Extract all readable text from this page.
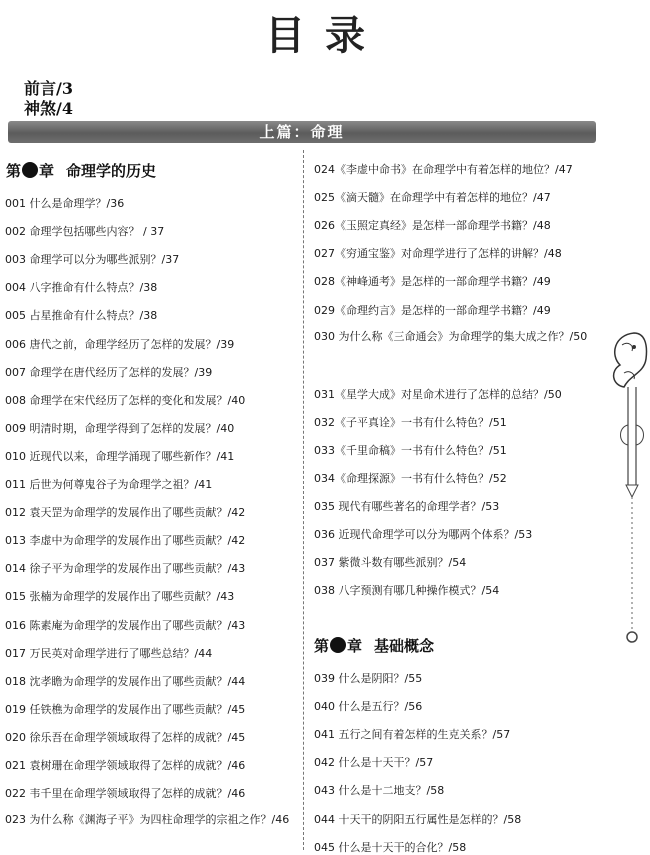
目录
前言/3
神煞/4
上篇：命理
第 章 命理学的历史
001 什么是命理学？/36
002 命理学包括哪些内容？ / 37
003 命理学可以分为哪些派别？/37
004 八字推命有什么特点？/38
005 占星推命有什么特点？/38
006 唐代之前，命理学经历了怎样的发展？/39
007 命理学在唐代经历了怎样的发展？/39
008 命理学在宋代经历了怎样的变化和发展？/40
009 明清时期，命理学得到了怎样的发展？/40
010 近现代以来，命理学涌现了哪些新作？/41
011 后世为何尊鬼谷子为命理学之祖？/41
012 袁天罡为命理学的发展作出了哪些贡献？/42
013 李虚中为命理学的发展作出了哪些贡献？/42
014 徐子平为命理学的发展作出了哪些贡献？/43
015 张楠为命理学的发展作出了哪些贡献？/43
016 陈素庵为命理学的发展作出了哪些贡献？/43
017 万民英对命理学进行了哪些总结？/44
018 沈孝瞻为命理学的发展作出了哪些贡献？/44
019 任铁樵为命理学的发展作出了哪些贡献？/45
020 徐乐吾在命理学领域取得了怎样的成就？/45
021 袁树珊在命理学领域取得了怎样的成就？/46
022 韦千里在命理学领域取得了怎样的成就？/46
023 为什么称《渊海子平》为四柱命理学的宗祖之作？/46
024《李虚中命书》在命理学中有着怎样的地位？/47
025《滴天髓》在命理学中有着怎样的地位？/47
026《玉照定真经》是怎样一部命理学书籍？/48
027《穷通宝鉴》对命理学进行了怎样的讲解？/48
028《神峰通考》是怎样的一部命理学书籍？/49
029《命理约言》是怎样的一部命理学书籍？/49
030 为什么称《三命通会》为命理学的集大成之作？/50
031《星学大成》对星命术进行了怎样的总结？/50
032《子平真诠》一书有什么特色？/51
033《千里命稿》一书有什么特色？/51
034《命理探源》一书有什么特色？/52
035 现代有哪些著名的命理学者？/53
036 近现代命理学可以分为哪两个体系？/53
037 紫微斗数有哪些派别？/54
038 八字预测有哪几种操作模式？/54
第 章 基础概念
039 什么是阴阳？/55
040 什么是五行？/56
041 五行之间有着怎样的生克关系？/57
042 什么是十天干？/57
043 什么是十二地支？/58
044 十天干的阴阳五行属性是怎样的？/58
045 什么是十天干的合化？/58
